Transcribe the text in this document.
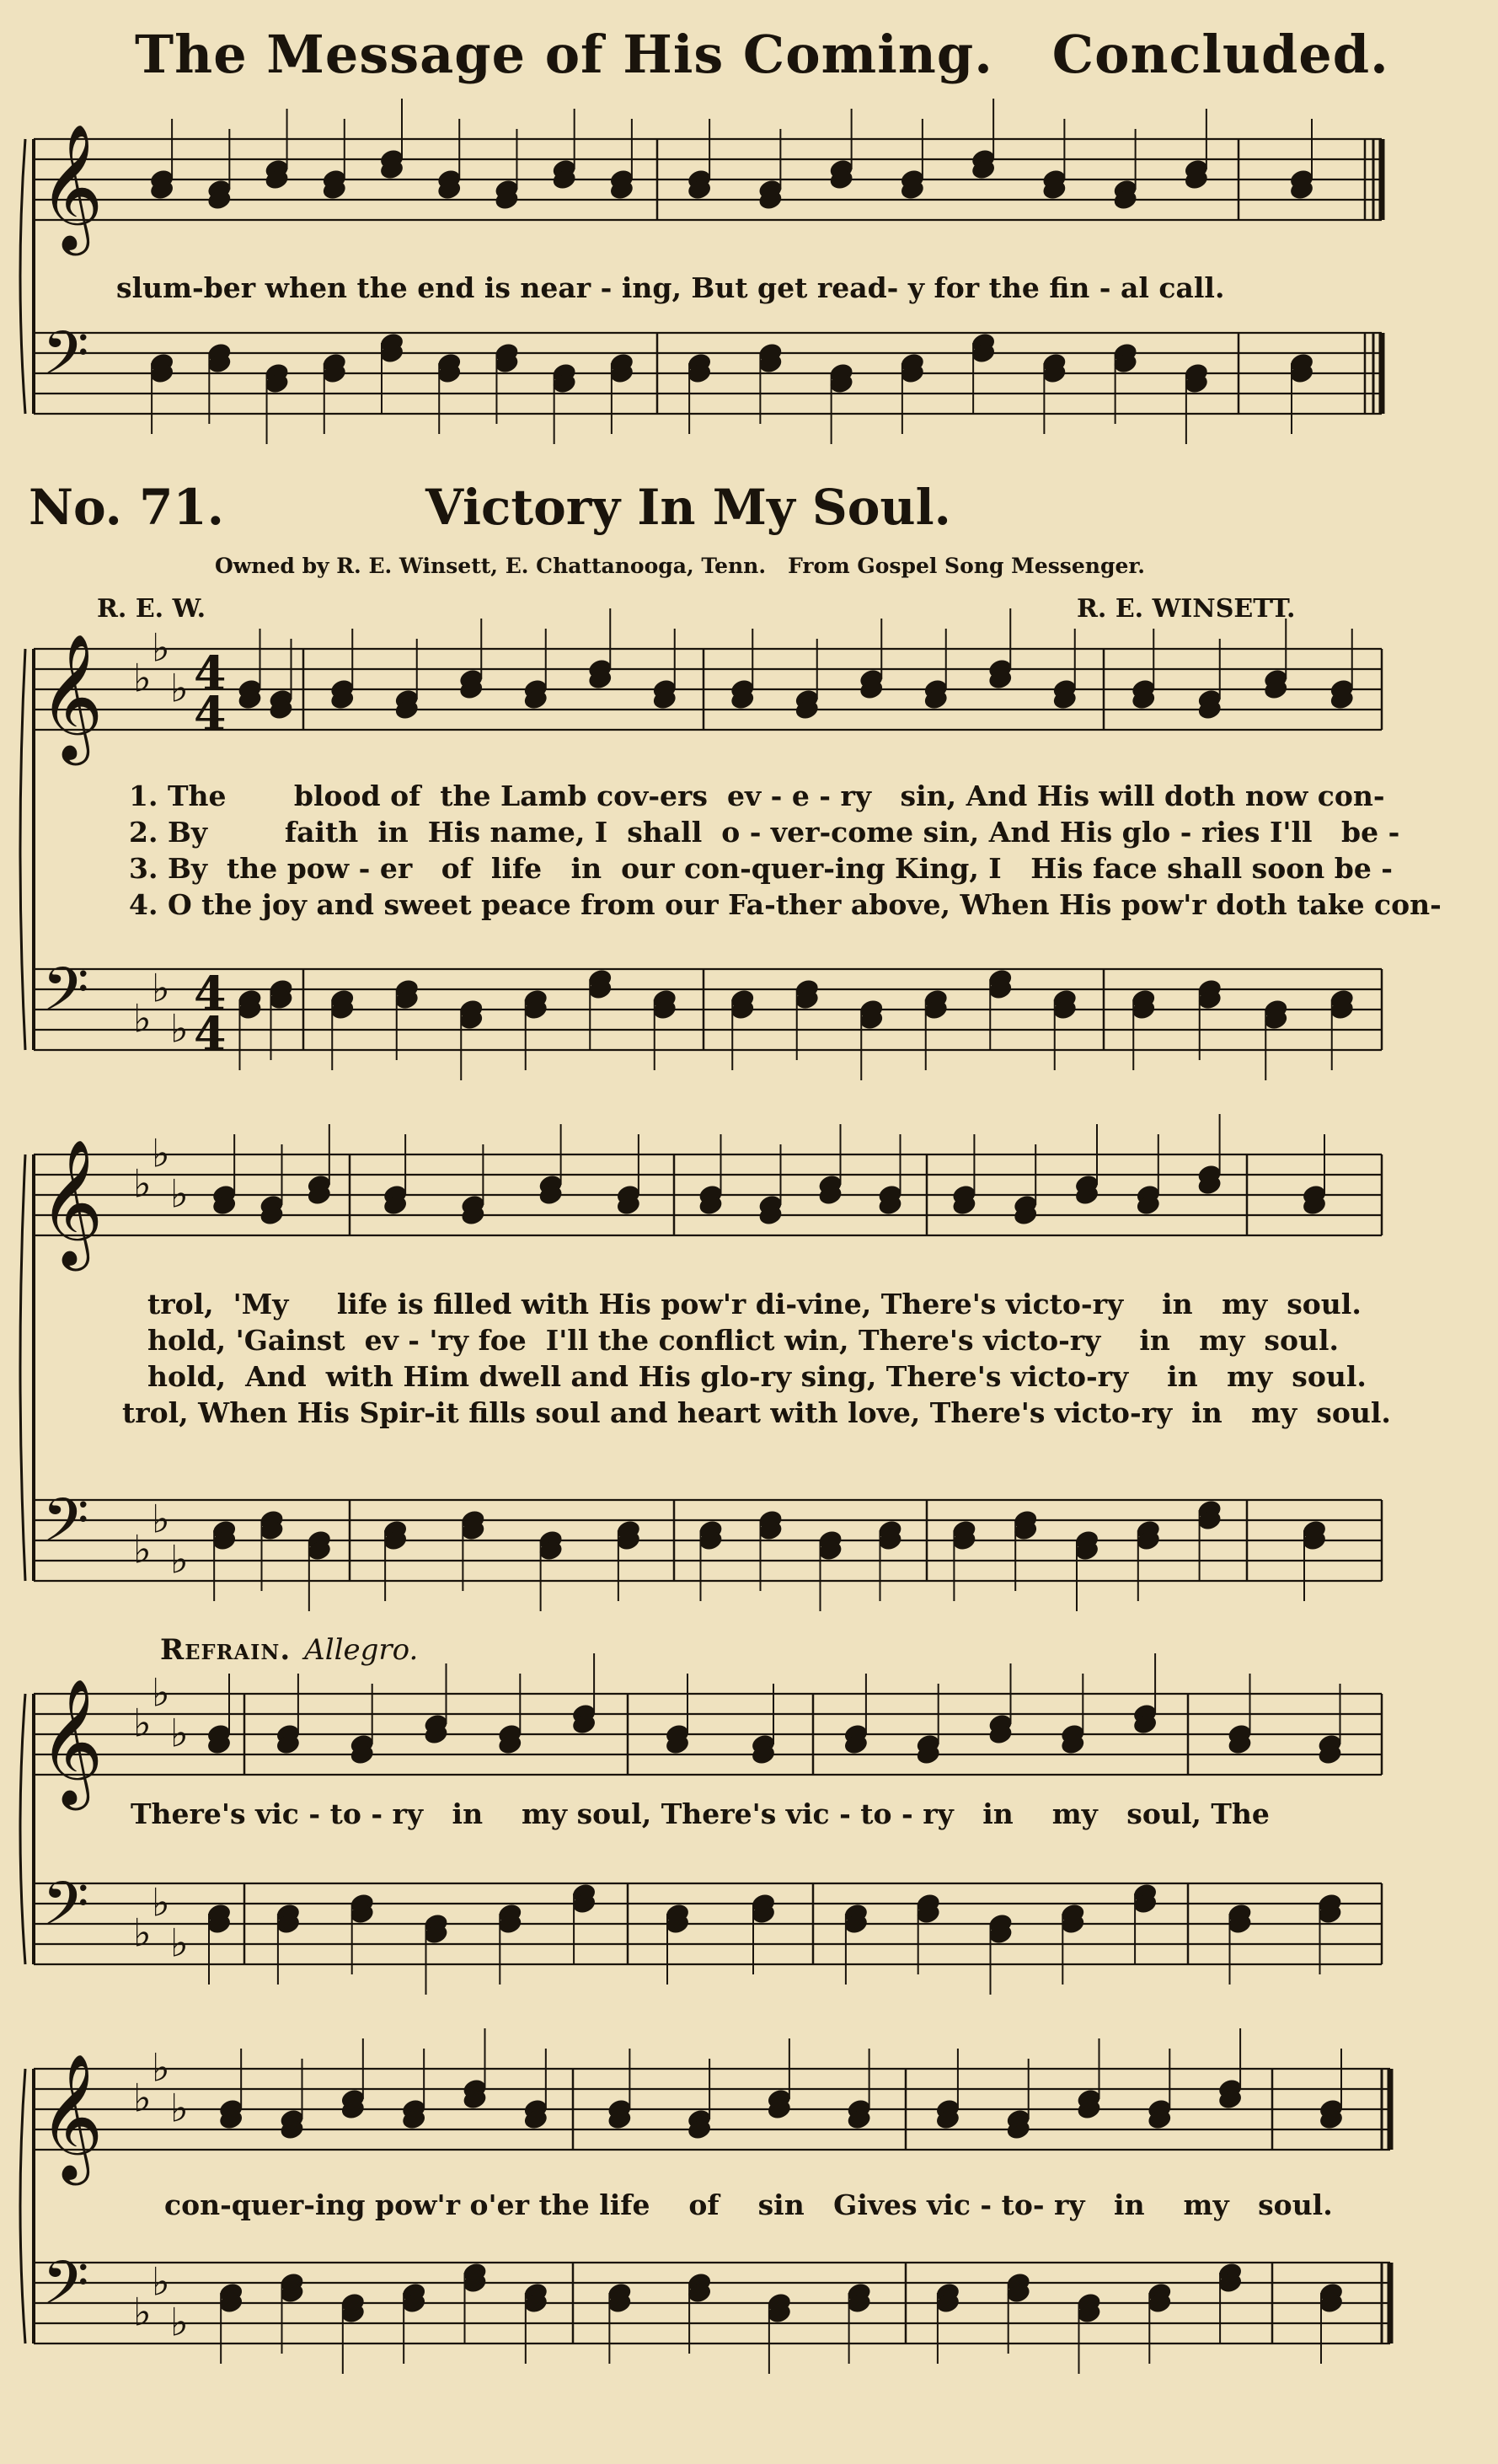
The Message of His Coming. Concluded.
𝄞
𝄢
slum-ber when the end is near - ing, But get read- y for the fin - al call.
No. 71.	Victory In My Soul.
Owned by R. E. Winsett, E. Chattanooga, Tenn. From Gospel Song Messenger.
R. E. W.	R. E. WINSETT.
𝄞
𝄢
♭
♭
♭
♭
♭
♭
4
4
4
4
1. The       blood of  the Lamb cov-ers  ev - e - ry   sin, And His will doth now con-
2. By        faith  in  His name, I  shall  o - ver-come sin, And His glo - ries I'll   be -
3. By  the pow - er   of  life   in  our con-quer-ing King, I   His face shall soon be -
4. O the joy and sweet peace from our Fa-ther above, When His pow'r doth take con-
𝄞
𝄢
♭
♭
♭
♭
♭
♭
trol,  'My     life is filled with His pow'r di-vine, There's victo-ry    in   my  soul.
hold, 'Gainst  ev - 'ry foe  I'll the conflict win, There's victo-ry    in   my  soul.
hold,  And  with Him dwell and His glo-ry sing, There's victo-ry    in   my  soul.
trol, When His Spir-it fills soul and heart with love, There's victo-ry  in   my  soul.
Refrain. Allegro.
𝄞
𝄢
♭
♭
♭
♭
♭
♭
There's vic - to - ry   in    my soul, There's vic - to - ry   in    my   soul, The
𝄞
𝄢
♭
♭
♭
♭
♭
♭
con-quer-ing pow'r o'er the life    of    sin   Gives vic - to- ry   in    my   soul.
